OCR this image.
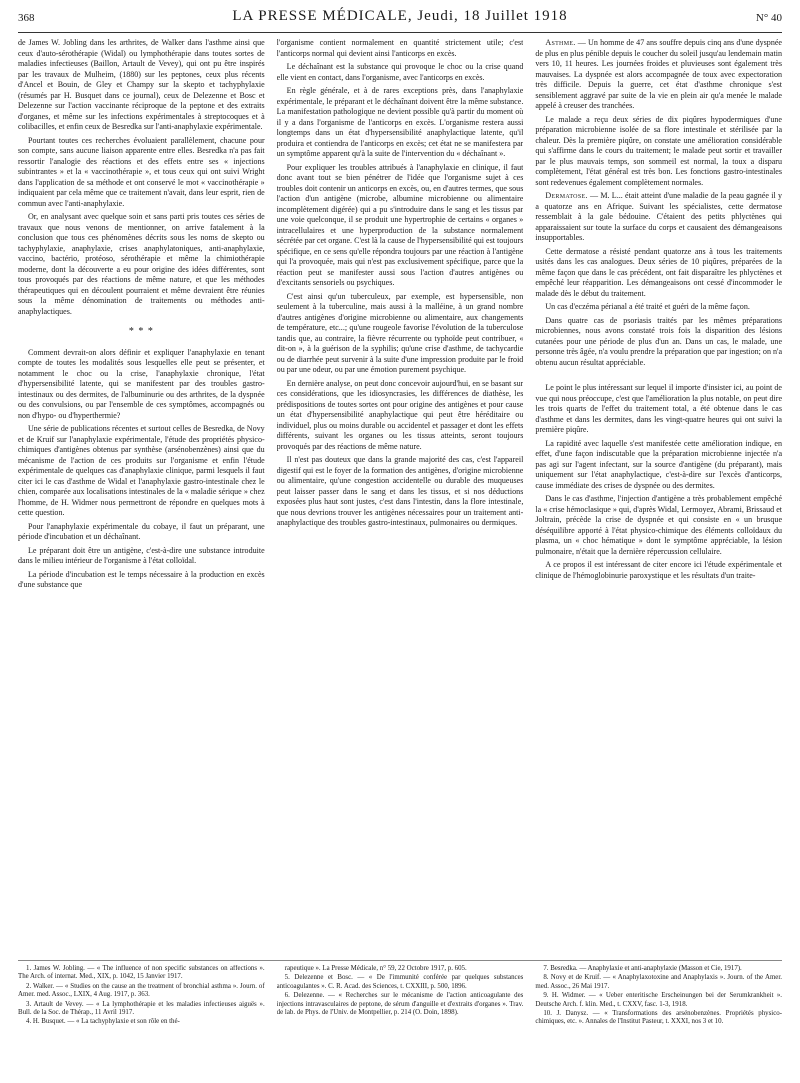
368	LA PRESSE MÉDICALE, Jeudi, 18 Juillet 1918	N° 40

de James W. Jobling dans les arthrites, de Walker dans l'asthme ainsi que ceux d'auto-sérothérapie (Widal) ou lymphothérapie dans toutes sortes de maladies infectieuses (Baillon, Artault de Vevey), qui ont pu être inspirés par les travaux de Mulheim, (1880) sur les peptones, ceux plus récents d'Ancel et Bouin, de Gley et Champy sur la skepto et tachyphylaxie (résumés par H. Busquet dans ce journal), ceux de Delezenne et Bosc et Delezenne sur l'action vaccinante réciproque de la peptone et des extraits d'organes, et même sur les infections expérimentales à streptocoques et à colibacilles, et enfin ceux de Besredka sur l'anti-anaphylaxie expérimentale.

Pourtant toutes ces recherches évoluaient parallèlement, chacune pour son compte, sans aucune liaison apparente entre elles. Besredka n'a pas fait ressortir l'analogie des réactions et des effets entre ses « injections subintrantes » et la « vaccinothérapie », et tous ceux qui ont suivi Wright dans l'application de sa méthode et ont conservé le mot « vaccinothérapie » indiquaient par cela même que ce traitement n'avait, dans leur esprit, rien de commun avec l'anti-anaphylaxie.

Or, en analysant avec quelque soin et sans parti pris toutes ces séries de travaux que nous venons de mentionner, on arrive fatalement à la conclusion que tous ces phénomènes décrits sous les noms de skepto ou tachyphylaxie, anaphylaxie, crises anaphylatoniques, anti-anaphylaxie, vaccino, bactério, protéoso, sérothérapie et même la chimiothérapie moderne, dont la découverte a eu pour origine des idées différentes, sont tous provoqués par des réactions de même nature, et que les méthodes thérapeutiques qui en découlent pourraient et même devraient être réunies sous la même dénomination de traitements ou méthodes anti-anaphylactiques.

* * *

Comment devrait-on alors définir et expliquer l'anaphylaxie en tenant compte de toutes les modalités sous lesquelles elle peut se présenter, et notamment le choc ou la crise, l'anaphylaxie chronique, l'état d'hypersensibilité latente, qui se manifestent par des troubles gastro-intestinaux ou des dermites, de l'albuminurie ou des arthrites, de la dyspnée ou des convulsions, ou par l'ensemble de ces symptômes, accompagnés ou non d'hypo- ou d'hyperthermie?

Une série de publications récentes et surtout celles de Besredka, de Novy et de Kruif sur l'anaphylaxie expérimentale, l'étude des propriétés physico-chimiques d'antigènes obtenus par synthèse (arsénobenzènes) ainsi que du mécanisme de l'action de ces produits sur l'organisme et enfin l'étude expérimentale de quelques cas d'anaphylaxie clinique, parmi lesquels il faut citer ici le cas d'asthme de Widal et l'anaphylaxie gastro-intestinale chez le chien, comparée aux localisations intestinales de la « maladie sérique » chez l'homme, de H. Widmer nous permettront de répondre en quelques mots à cette question.

Pour l'anaphylaxie expérimentale du cobaye, il faut un préparant, une période d'incubation et un déchaînant.

Le préparant doit être un antigène, c'est-à-dire une substance introduite dans le milieu intérieur de l'organisme à l'état colloïdal.

La période d'incubation est le temps nécessaire à la production en excès d'une substance que

l'organisme contient normalement en quantité strictement utile; c'est l'anticorps normal qui devient ainsi l'anticorps en excès.

Le déchaînant est la substance qui provoque le choc ou la crise quand elle vient en contact, dans l'organisme, avec l'anticorps en excès.

En règle générale, et à de rares exceptions près, dans l'anaphylaxie expérimentale, le préparant et le déchaînant doivent être la même substance. La manifestation pathologique ne devient possible qu'à partir du moment où il y a dans l'organisme de l'anticorps en excès. L'organisme restera aussi longtemps dans un état d'hypersensibilité anaphylactique latente, qu'il produira et contiendra de l'anticorps en excès; cet état ne se manifestera par un symptôme apparent qu'à la suite de l'intervention du « déchaînant ».

Pour expliquer les troubles attribués à l'anaphylaxie en clinique, il faut donc avant tout se bien pénétrer de l'idée que l'organisme sujet à ces troubles doit contenir un anticorps en excès, ou, en d'autres termes, que sous l'action d'un antigène (microbe, albumine microbienne ou alimentaire incomplètement digérée) qui a pu s'introduire dans le sang et les tissus par une voie quelconque, il se produit une hypertrophie de certains « organes » intracellulaires et une hyperproduction de la substance normalement sécrétée par cet organe. C'est là la cause de l'hypersensibilité qui est toujours spécifique, en ce sens qu'elle répondra toujours par une réaction à l'antigène qui l'a provoquée, mais qui n'est pas exclusivement spécifique, parce que la réaction peut se manifester aussi sous l'action d'autres antigènes ou d'excitants sensoriels ou psychiques.

C'est ainsi qu'un tuberculeux, par exemple, est hypersensible, non seulement à la tuberculine, mais aussi à la malléine, à un grand nombre d'autres antigènes d'origine microbienne ou alimentaire, aux changements de température, etc...; qu'une rougeole favorise l'évolution de la tuberculose tandis que, au contraire, la fièvre récurrente ou typhoïde peut contribuer, « dit-on », à la guérison de la syphilis; qu'une crise d'asthme, de tachycardie ou de diarrhée peut survenir à la suite d'une impression produite par le froid ou par une odeur, ou par une émotion purement psychique.

En dernière analyse, on peut donc concevoir aujourd'hui, en se basant sur ces considérations, que les idiosyncrasies, les différences de diathèse, les prédispositions de toutes sortes ont pour origine des antigènes et pour cause un état d'hypersensibilité anaphylactique qui peut être héréditaire ou individuel, plus ou moins durable ou accidentel et passager et dont les effets différents, suivant les organes ou les tissus atteints, seront toujours provoqués par des réactions de même nature.

Il n'est pas douteux que dans la grande majorité des cas, c'est l'appareil digestif qui est le foyer de la formation des antigènes, d'origine microbienne ou alimentaire, qu'une congestion accidentelle ou durable des muqueuses peut laisser passer dans le sang et dans les tissus, et si nos déductions exposées plus haut sont justes, c'est dans l'intestin, dans la flore intestinale, que nous devrions trouver les antigènes nécessaires pour un traitement anti-anaphylactique des troubles gastro-intestinaux, pulmonaires ou dermiques.

Asthme. — Un homme de 47 ans souffre depuis cinq ans d'une dyspnée de plus en plus pénible depuis le coucher du soleil jusqu'au lendemain matin vers 10, 11 heures. Les journées froides et pluvieuses sont également très mauvaises. La dyspnée est alors accompagnée de toux avec expectoration très difficile. Depuis la guerre, cet état d'asthme chronique s'est sensiblement aggravé par suite de la vie en plein air qu'a menée le malade appelé à creuser des tranchées.

Le malade a reçu deux séries de dix piqûres hypodermiques d'une préparation microbienne isolée de sa flore intestinale et stérilisée par la chaleur. Dès la première piqûre, on constate une amélioration considérable qui s'affirme dans le cours du traitement; le malade peut sortir et travailler par le plus mauvais temps, son sommeil est normal, la toux a disparu complètement, l'état général est très bon. Les fonctions gastro-intestinales sont redevenues également complètement normales.

Dermatose. — M. L... était atteint d'une maladie de la peau gagnée il y a quatorze ans en Afrique. Suivant les spécialistes, cette dermatose ressemblait à la gale bédouine. C'étaient des petits phlyctènes qui apparaissaient sur toute la surface du corps et causaient des démangeaisons insupportables.

Cette dermatose a résisté pendant quatorze ans à tous les traitements usités dans les cas analogues. Deux séries de 10 piqûres, préparées de la même façon que dans le cas précédent, ont fait disparaître les phlyctènes et empêché leur réapparition. Les démangeaisons ont cessé d'incommoder le malade dès le début du traitement.

Un cas d'eczéma périanal a été traité et guéri de la même façon.

Dans quatre cas de psoriasis traités par les mêmes préparations microbiennes, nous avons constaté trois fois la disparition des lésions cutanées pour une période de plus d'un an. Dans un cas, le malade, une personne très âgée, n'a voulu prendre la préparation que par ingestion; on n'a obtenu aucun résultat appréciable.

Le point le plus intéressant sur lequel il importe d'insister ici, au point de vue qui nous préoccupe, c'est que l'amélioration la plus notable, on peut dire les trois quarts de l'effet du traitement total, a été obtenue dans le cas d'asthme et dans les dermites, dans les vingt-quatre heures qui ont suivi la première piqûre.

La rapidité avec laquelle s'est manifestée cette amélioration indique, en effet, d'une façon indiscutable que la préparation microbienne injectée n'a pas agi sur l'agent infectant, sur la source d'antigène (du préparant), mais uniquement sur l'état anaphylactique, c'est-à-dire sur l'excès d'anticorps, cause immédiate des crises de dyspnée ou des dermites.

Dans le cas d'asthme, l'injection d'antigène a très probablement empêché la « crise hémoclasique » qui, d'après Widal, Lermoyez, Abrami, Brissaud et Joltrain, précède la crise de dyspnée et qui consiste en « un brusque déséquilibre apporté à l'état physico-chimique des éléments colloïdaux du plasma, un « choc hématique » dont le symptôme appréciable, la lésion pulmonaire, n'était que la dernière répercussion cellulaire.

A ce propos il est intéressant de citer encore ici l'étude expérimentale et clinique de l'hémoglobinurie paroxystique et les résultats d'un traite-

1. James W. Jobling. — « The influence of non specific substances on affections ». The Arch. of internat. Med., XIX, p. 1042, 15 Janvier 1917.

2. Walker. — « Studies on the cause an the treatment of bronchial asthma ». Journ. of Amer. med. Assoc., LXIX, 4 Aug. 1917, p. 363.

3. Artault de Vevey. — « La lymphothérapie et les maladies infectieuses aiguës ». Bull. de la Soc. de Thérap., 11 Avril 1917.

4. H. Busquet. — « La tachyphylaxie et son rôle en thé-

rapeutique ». La Presse Médicale, n° 59, 22 Octobre 1917, p. 605.

5. Delezenne et Bosc. — « De l'immunité conférée par quelques substances anticoagulantes ». C. R. Acad. des Sciences, t. CXXIII, p. 500, 1896.

6. Delezenne. — « Recherches sur le mécanisme de l'action anticoagulante des injections intravasculaires de peptone, de sérum d'anguille et d'extraits d'organes ». Trav. de lab. de Phys. de l'Univ. de Montpellier, p. 214 (O. Doin, 1898).

7. Besredka. — Anaphylaxie et anti-anaphylaxie (Masson et Cie, 1917).

8. Novy et de Kruif. — « Anaphylaxotoxine and Anaphylaxis ». Journ. of the Amer. med. Assoc., 26 Mai 1917.

9. H. Widmer. — « Ueber enteritische Erscheinungen bei der Serumkrankheit ». Deutsche Arch. f. klin. Med., t. CXXV, fasc. 1-3, 1918.

10. J. Danysz. — « Transformations des arsénobenzènes. Propriétés physico-chimiques, etc. ». Annales de l'Institut Pasteur, t. XXXI, nos 3 et 10.
